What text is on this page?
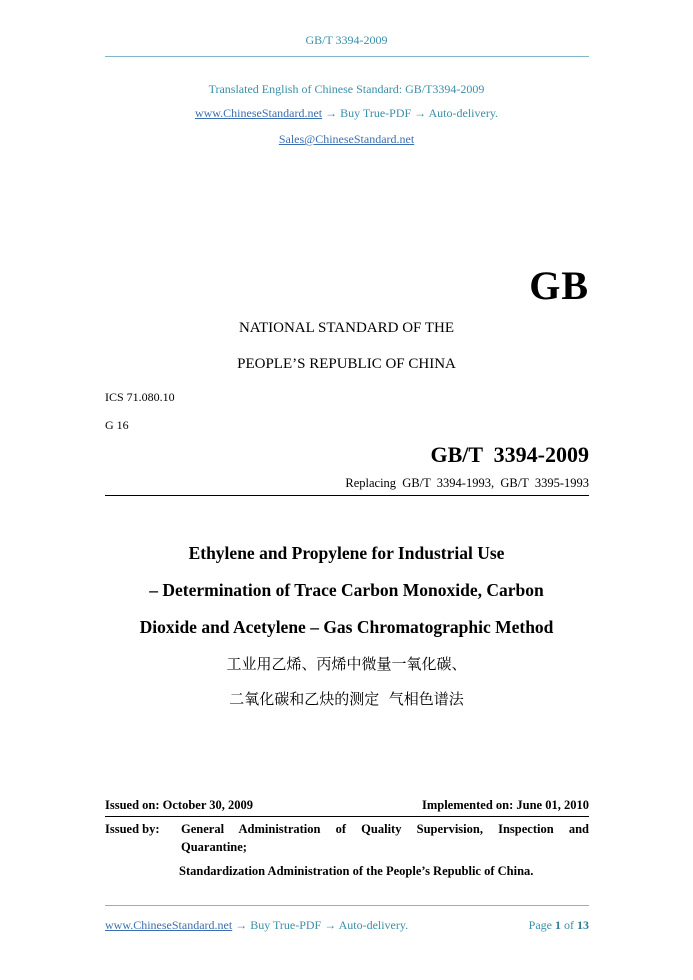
GB/T 3394-2009
Translated English of Chinese Standard: GB/T3394-2009
www.ChineseStandard.net → Buy True-PDF → Auto-delivery.
Sales@ChineseStandard.net
GB
NATIONAL STANDARD OF THE
PEOPLE’S REPUBLIC OF CHINA
ICS 71.080.10
G 16
GB/T  3394-2009
Replacing  GB/T  3394-1993,  GB/T  3395-1993
Ethylene and Propylene for Industrial Use
– Determination of Trace Carbon Monoxide, Carbon
Dioxide and Acetylene – Gas Chromatographic Method
工业用乙烯、丙烯中微量一氧化碳、
二氧化碳和乙炔的测定  气相色谱法
Issued on: October 30, 2009	Implemented on: June 01, 2010
Issued by: General Administration of Quality Supervision, Inspection and
Quarantine;
Standardization Administration of the People’s Republic of China.
www.ChineseStandard.net → Buy True-PDF → Auto-delivery.	Page 1 of 13
